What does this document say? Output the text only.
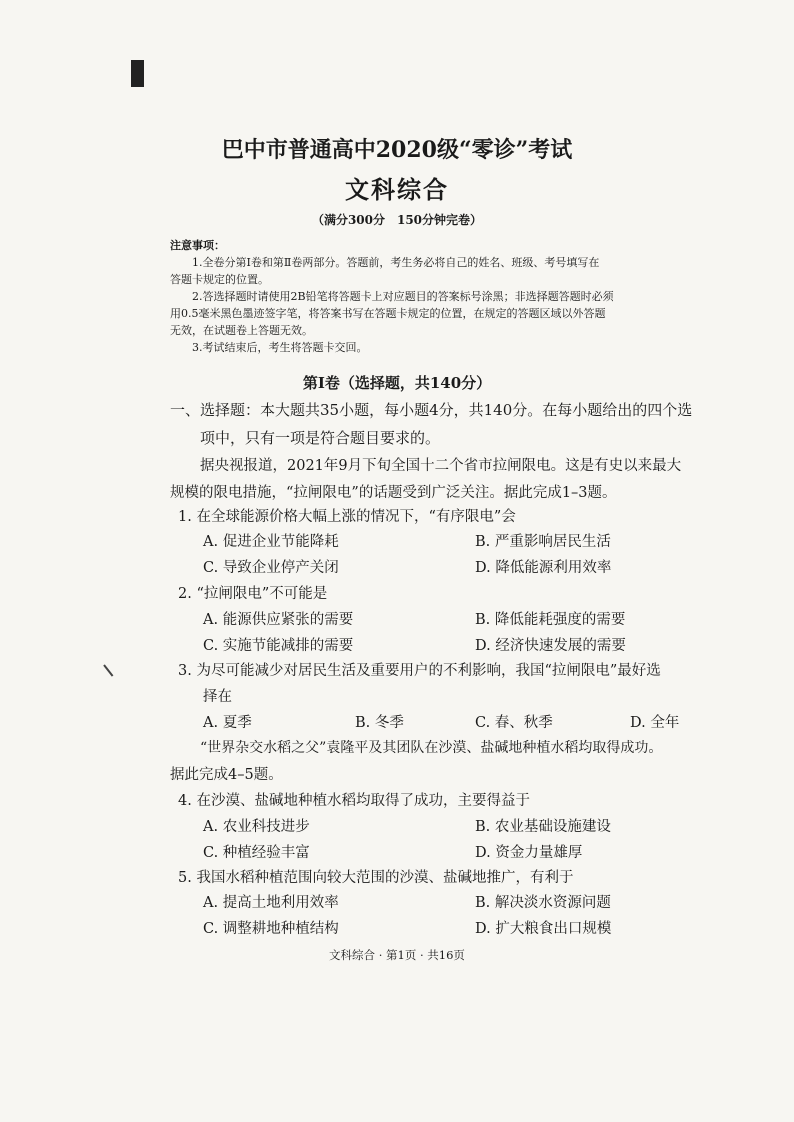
巴中市普通高中2020级“零诊”考试
文科综合
（满分300分　150分钟完卷）

注意事项：

1.全卷分第Ⅰ卷和第Ⅱ卷两部分。答题前，考生务必将自己的姓名、班级、考号填写在

答题卡规定的位置。

2.答选择题时请使用2B铅笔将答题卡上对应题目的答案标号涂黑；非选择题答题时必须

用0.5毫米黑色墨迹签字笔，将答案书写在答题卡规定的位置，在规定的答题区域以外答题

无效，在试题卷上答题无效。

3.考试结束后，考生将答题卡交回。

第Ⅰ卷（选择题，共140分）
一、选择题：本大题共35小题，每小题4分，共140分。在每小题给出的四个选
项中，只有一项是符合题目要求的。
据央视报道，2021年9月下旬全国十二个省市拉闸限电。这是有史以来最大
规模的限电措施，“拉闸限电”的话题受到广泛关注。据此完成1–3题。
1. 在全球能源价格大幅上涨的情况下，“有序限电”会
A. 促进企业节能降耗	B. 严重影响居民生活
C. 导致企业停产关闭	D. 降低能源利用效率
2. “拉闸限电”不可能是
A. 能源供应紧张的需要	B. 降低能耗强度的需要
C. 实施节能减排的需要	D. 经济快速发展的需要
3. 为尽可能减少对居民生活及重要用户的不利影响，我国“拉闸限电”最好选
择在
A. 夏季	B. 冬季	C. 春、秋季	D. 全年
“世界杂交水稻之父”袁隆平及其团队在沙漠、盐碱地种植水稻均取得成功。
据此完成4–5题。
4. 在沙漠、盐碱地种植水稻均取得了成功，主要得益于
A. 农业科技进步	B. 农业基础设施建设
C. 种植经验丰富	D. 资金力量雄厚
5. 我国水稻种植范围向较大范围的沙漠、盐碱地推广，有利于
A. 提高土地利用效率	B. 解决淡水资源问题
C. 调整耕地种植结构	D. 扩大粮食出口规模
文科综合 · 第1页 · 共16页
